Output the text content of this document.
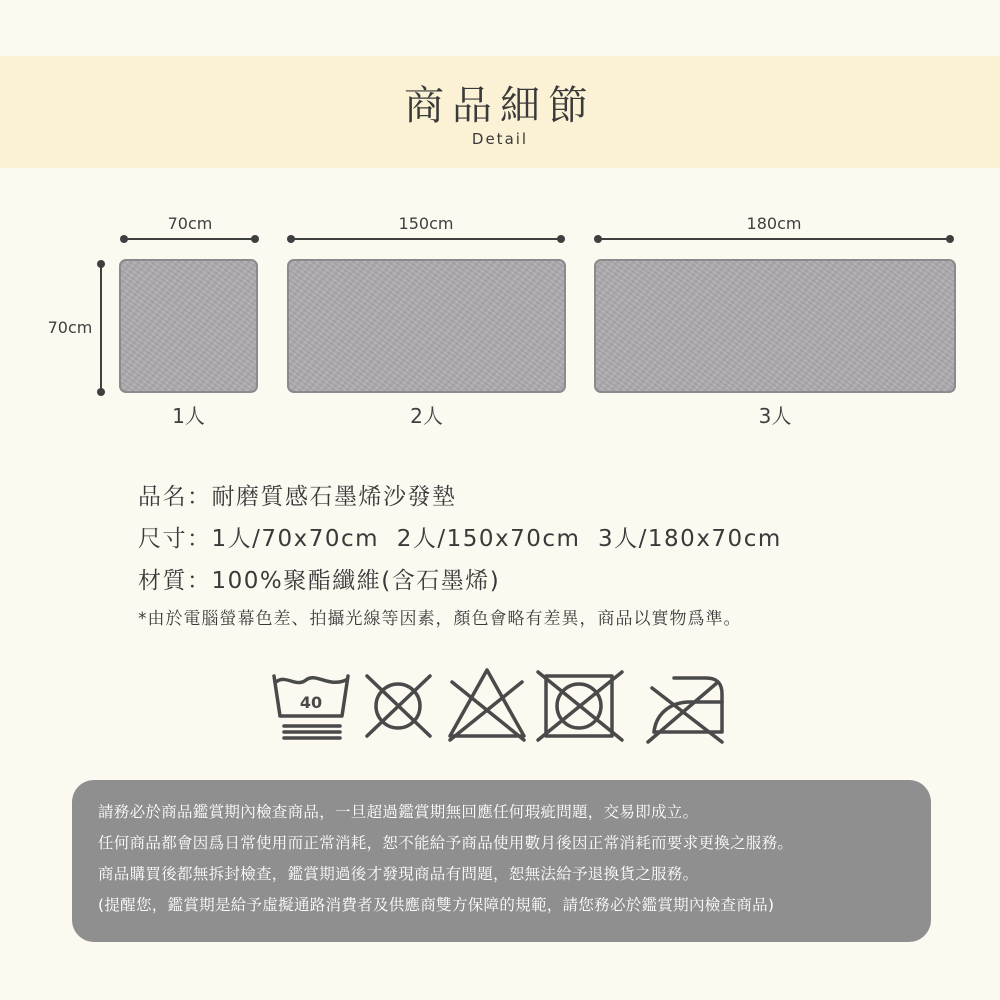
商品細節
Detail
70cm	150cm	180cm
70cm
1人	2人	3人
品名：耐磨質感石墨烯沙發墊
尺寸：1人/70x70cm  2人/150x70cm  3人/180x70cm
材質：100%聚酯纖維(含石墨烯)
*由於電腦螢幕色差、拍攝光線等因素，顏色會略有差異，商品以實物爲準。
40
請務必於商品鑑賞期內檢查商品，一旦超過鑑賞期無回應任何瑕疵問題，交易即成立。
任何商品都會因爲日常使用而正常消耗，恕不能給予商品使用數月後因正常消耗而要求更換之服務。
商品購買後都無拆封檢查，鑑賞期過後才發現商品有問題，恕無法給予退換貨之服務。
(提醒您，鑑賞期是給予虛擬通路消費者及供應商雙方保障的規範，請您務必於鑑賞期內檢查商品)
